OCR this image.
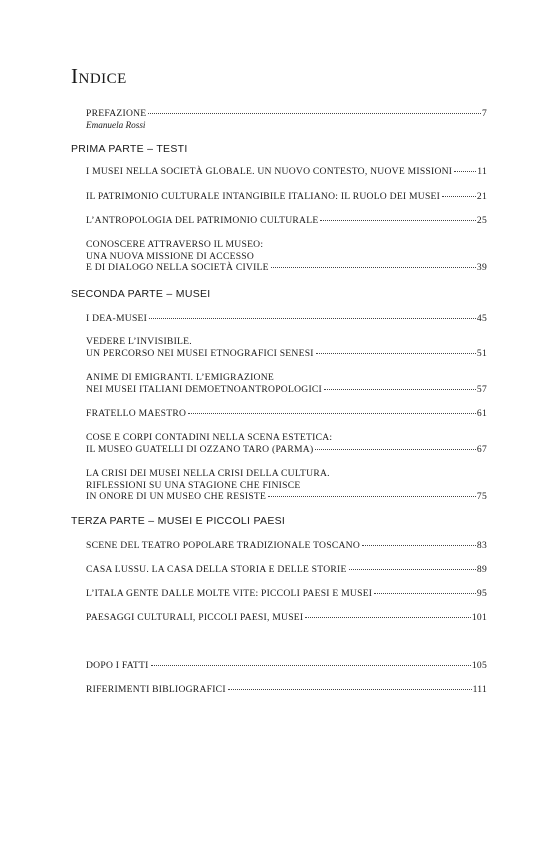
Indice
PREFAZIONE	7
Emanuela Rossi
PRIMA PARTE – TESTI
I MUSEI NELLA SOCIETÀ GLOBALE. UN NUOVO CONTESTO, NUOVE MISSIONI	11
IL PATRIMONIO CULTURALE INTANGIBILE ITALIANO: IL RUOLO DEI MUSEI	21
L’ANTROPOLOGIA DEL PATRIMONIO CULTURALE	25
CONOSCERE ATTRAVERSO IL MUSEO:
UNA NUOVA MISSIONE DI ACCESSO
E DI DIALOGO NELLA SOCIETÀ CIVILE	39
SECONDA PARTE – MUSEI
I DEA-MUSEI	45
VEDERE L’INVISIBILE.
UN PERCORSO NEI MUSEI ETNOGRAFICI SENESI	51
ANIME DI EMIGRANTI. L’EMIGRAZIONE
NEI MUSEI ITALIANI DEMOETNOANTROPOLOGICI	57
FRATELLO MAESTRO	61
COSE E CORPI CONTADINI NELLA SCENA ESTETICA:
IL MUSEO GUATELLI DI OZZANO TARO (PARMA)	67
LA CRISI DEI MUSEI NELLA CRISI DELLA CULTURA.
RIFLESSIONI SU UNA STAGIONE CHE FINISCE
IN ONORE DI UN MUSEO CHE RESISTE	75
TERZA PARTE – MUSEI E PICCOLI PAESI
SCENE DEL TEATRO POPOLARE TRADIZIONALE TOSCANO	83
CASA LUSSU. LA CASA DELLA STORIA E DELLE STORIE	89
L’ITALA GENTE DALLE MOLTE VITE: PICCOLI PAESI E MUSEI	95
PAESAGGI CULTURALI, PICCOLI PAESI, MUSEI	101
DOPO I FATTI	105
RIFERIMENTI BIBLIOGRAFICI	111
